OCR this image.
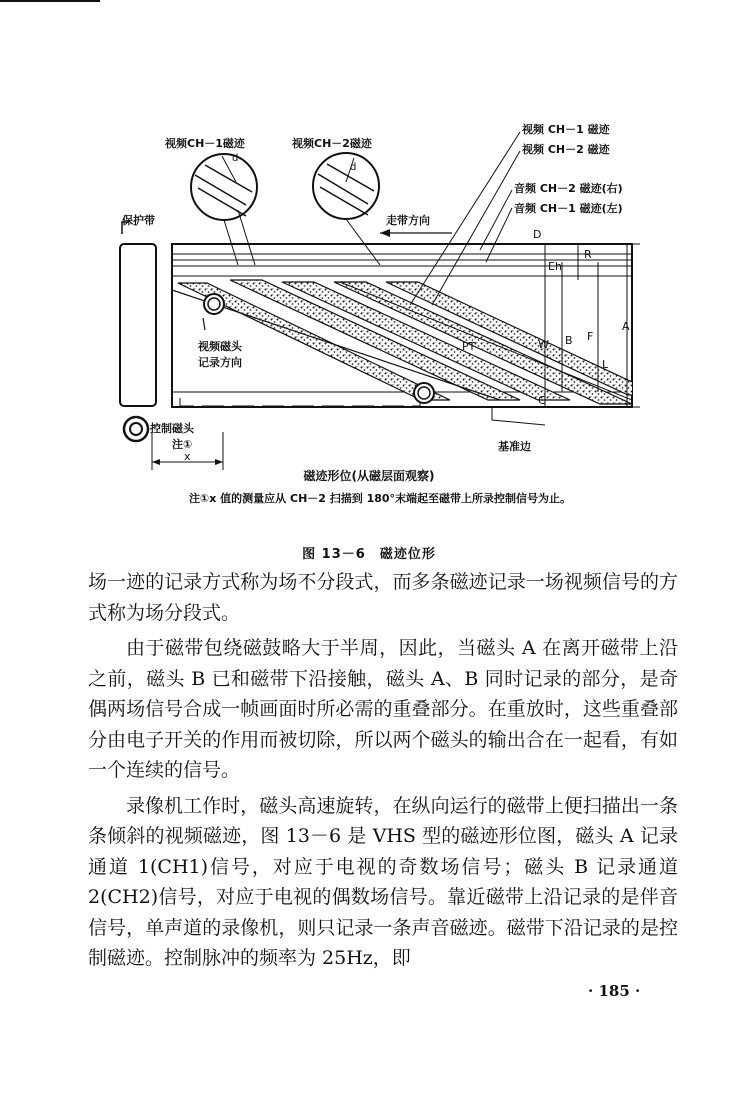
d
d
视频CH－1磁迹	视频CH－2磁迹
视频 CH－1 磁迹
视频 CH－2 磁迹
音频 CH－2 磁迹(右)
音频 CH－1 磁迹(左)
走带方向
保护带
视频磁头
记录方向
控制磁头
注①
x
PT
基准边
D
Eh
R
W B F
L
A
C
磁迹形位(从磁层面观察)
注①x 值的测量应从 CH－2 扫描到 180°末端起至磁带上所录控制信号为止。
图 13－6　磁迹位形

场一迹的记录方式称为场不分段式，而多条磁迹记录一场视频信号的方式称为场分段式。

由于磁带包绕磁鼓略大于半周，因此，当磁头 A 在离开磁带上沿之前，磁头 B 已和磁带下沿接触，磁头 A、B 同时记录的部分，是奇偶两场信号合成一帧画面时所必需的重叠部分。在重放时，这些重叠部分由电子开关的作用而被切除，所以两个磁头的输出合在一起看，有如一个连续的信号。

录像机工作时，磁头高速旋转，在纵向运行的磁带上便扫描出一条条倾斜的视频磁迹，图 13－6 是 VHS 型的磁迹形位图，磁头 A 记录通道 1(CH1)信号，对应于电视的奇数场信号；磁头 B 记录通道 2(CH2)信号，对应于电视的偶数场信号。靠近磁带上沿记录的是伴音信号，单声道的录像机，则只记录一条声音磁迹。磁带下沿记录的是控制磁迹。控制脉冲的频率为 25Hz，即

· 185 ·
